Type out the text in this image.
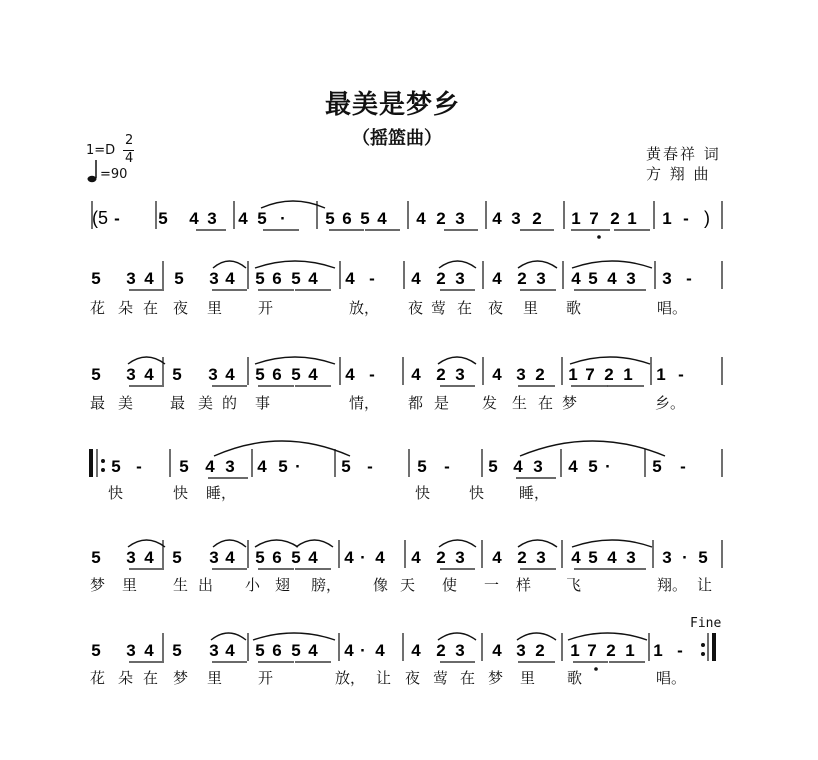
最美是梦乡
（摇篮曲）
1=D
2
4
=90
黄春祥 词
方 翔 曲
Fine
(5 - 5 4 3 4 5 · 5 6 5 4 4 2 3 4 3 2 1 7 2 1 1 - )
5 3 4 5 3 4 5 6 5 4 4 - 4 2 3 4 2 3 4 5 4 3 3 -
5 3 4 5 3 4 5 6 5 4 4 - 4 2 3 4 3 2 1 7 2 1 1 -
5 - 5 4 3 4 5 · 5 -	5 - 5 4 3 4 5 · 5 -
5 3 4 5 3 4 5 6 5 4 4 · 4 4 2 3 4 2 3 4 5 4 3 3 · 5
5 3 4 5 3 4 5 6 5 4 4 · 4 4 2 3 4 3 2 1 7 2 1 1 -
花 朵 在 夜 里 开	放， 夜 莺 在 夜 里 歌	唱。
最 美 最 美 的 事	情， 都 是 发 生 在 梦	乡。
快	快 睡，	快	快 睡，
梦 里 生 出 小 翅 膀， 像 天 使 一 样 飞	翔。 让
花 朵 在 梦 里 开	放， 让 夜 莺 在 梦 里 歌	唱。
